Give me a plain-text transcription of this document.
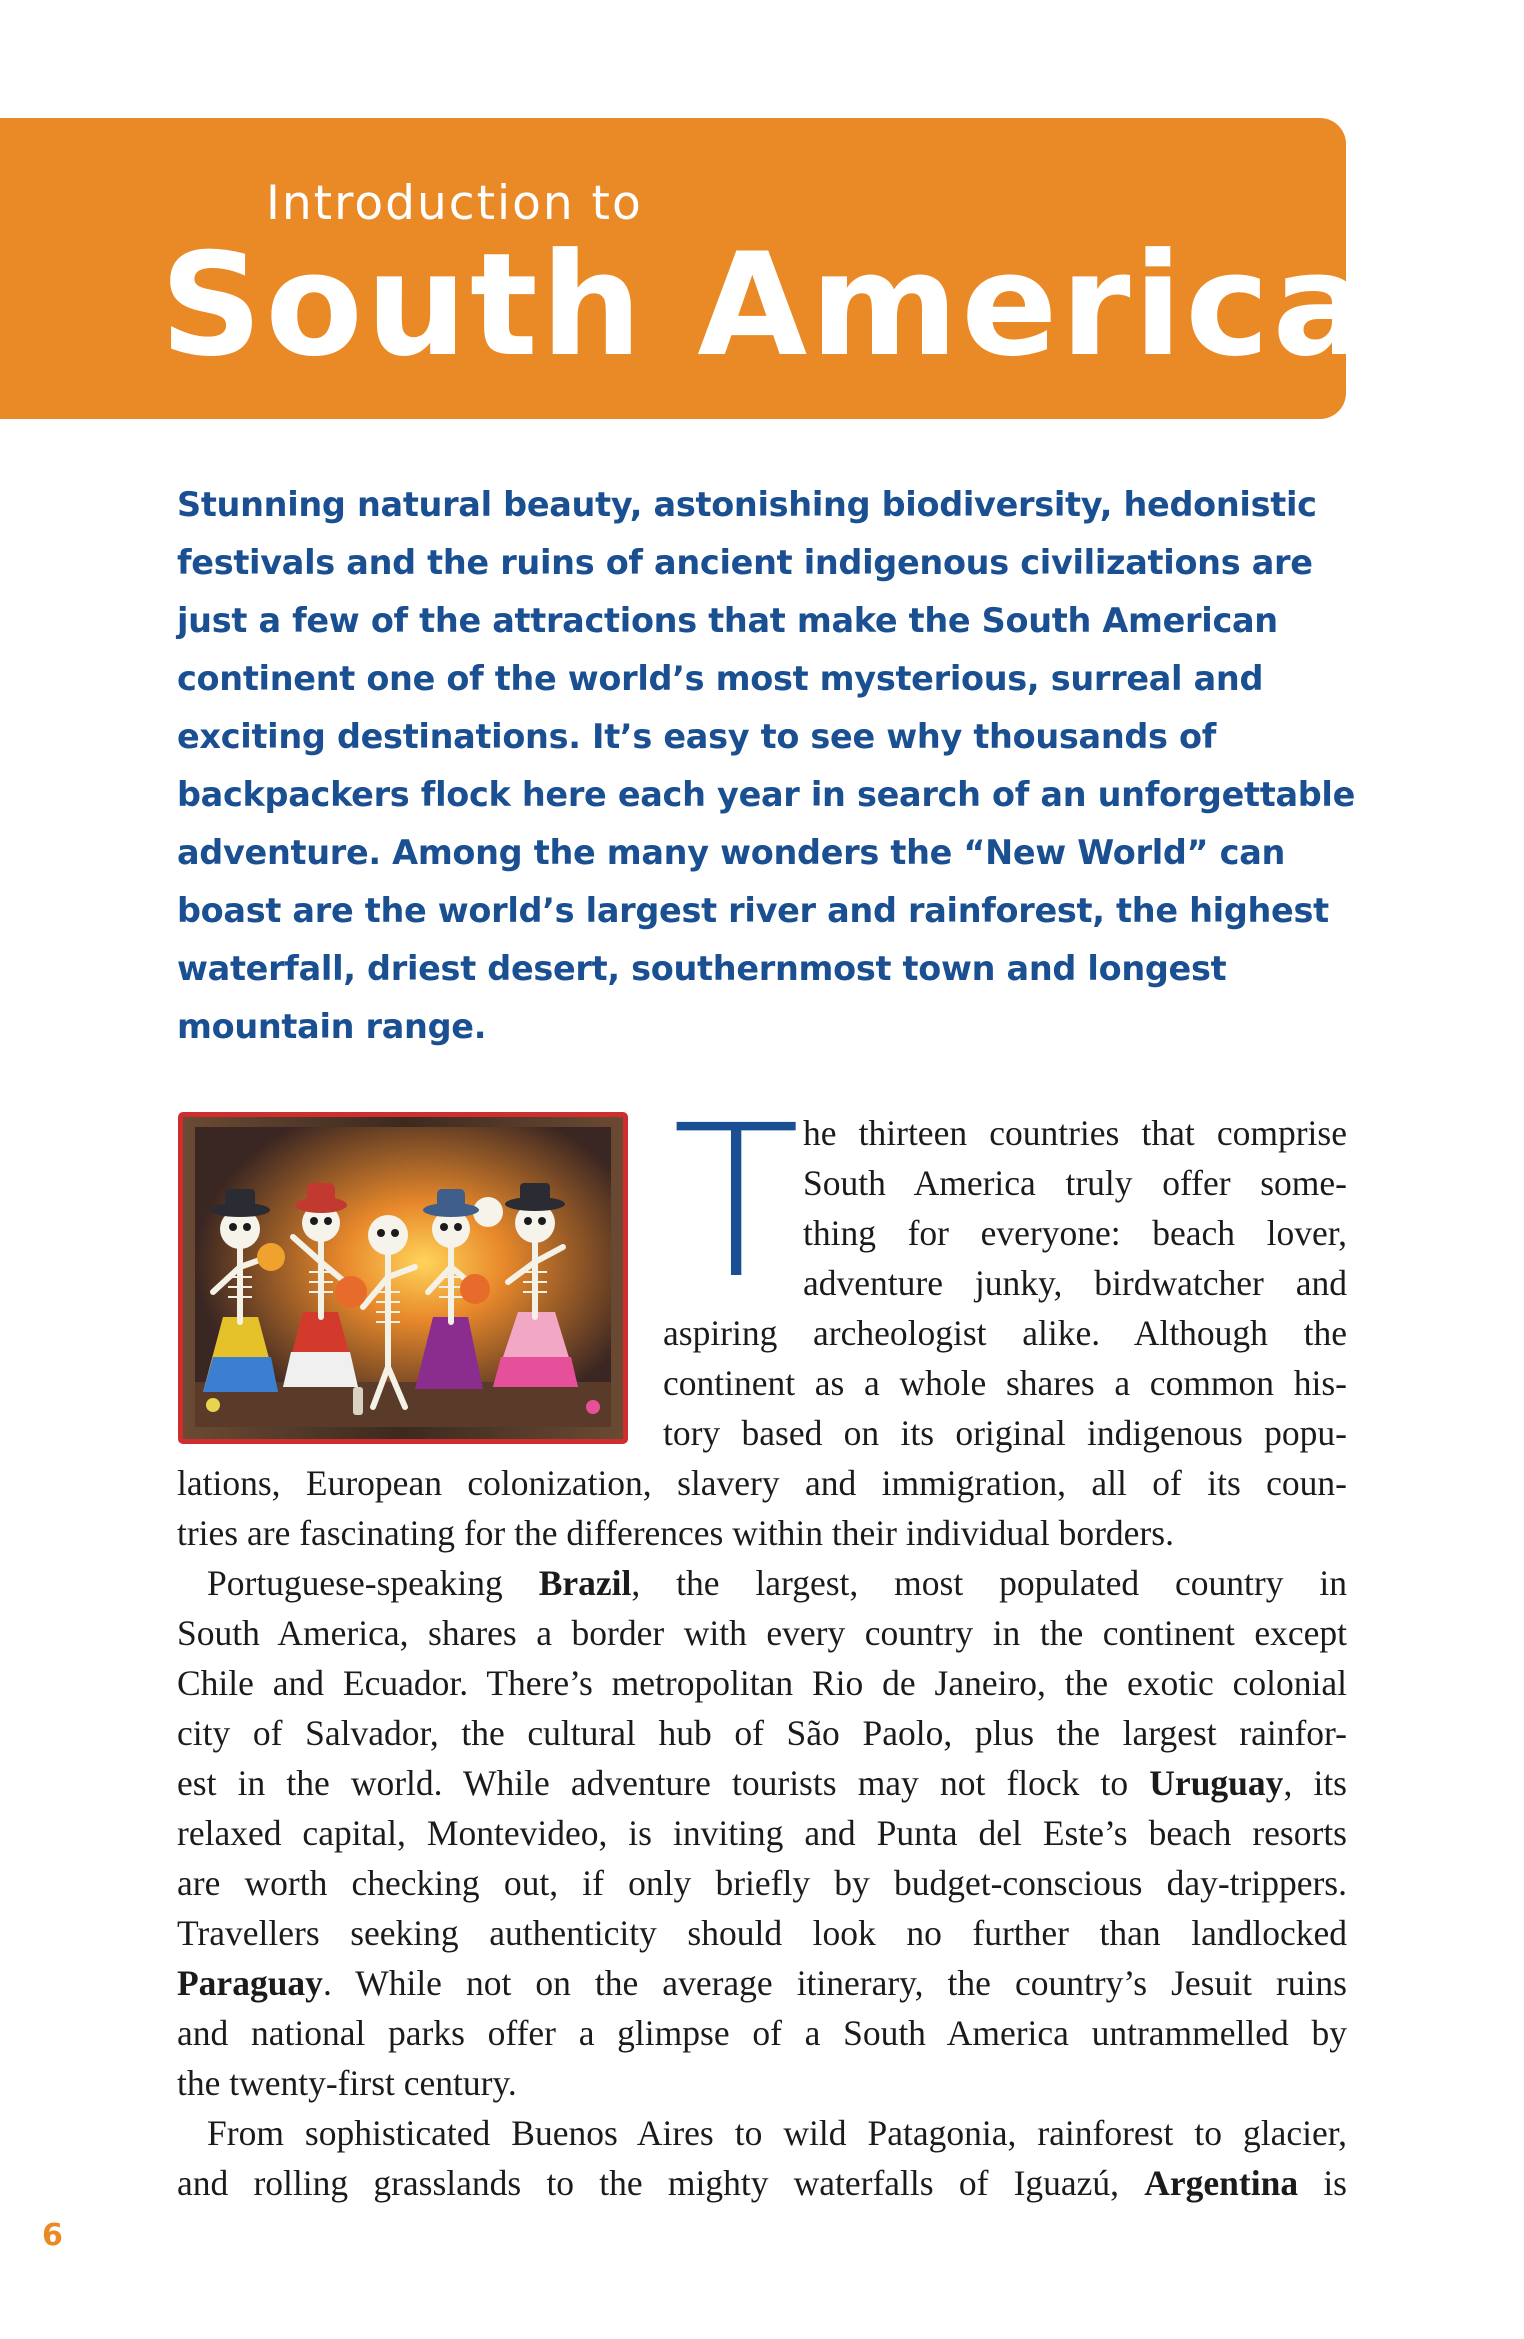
Introduction to
South America

Stunning natural beauty, astonishing biodiversity, hedonistic
festivals and the ruins of ancient indigenous civilizations are
just a few of the attractions that make the South American
continent one of the world’s most mysterious, surreal and
exciting destinations. It’s easy to see why thousands of
backpackers flock here each year in search of an unforgettable
adventure. Among the many wonders the “New World” can
boast are the world’s largest river and rainforest, the highest
waterfall, driest desert, southernmost town and longest
mountain range.

T he thirteen countries that comprise
South America truly offer some-
thing for everyone: beach lover,
adventure junky, birdwatcher and
aspiring archeologist alike. Although the
continent as a whole shares a common his-
tory based on its original indigenous popu-
lations, European colonization, slavery and immigration, all of its coun-
tries are fascinating for the differences within their individual borders.
Portuguese-speaking Brazil, the largest, most populated country in
South America, shares a border with every country in the continent except
Chile and Ecuador. There’s metropolitan Rio de Janeiro, the exotic colonial
city of Salvador, the cultural hub of São Paolo, plus the largest rainfor-
est in the world. While adventure tourists may not flock to Uruguay, its
relaxed capital, Montevideo, is inviting and Punta del Este’s beach resorts
are worth checking out, if only briefly by budget-conscious day-trippers.
Travellers seeking authenticity should look no further than landlocked
Paraguay. While not on the average itinerary, the country’s Jesuit ruins
and national parks offer a glimpse of a South America untrammelled by
the twenty-first century.
From sophisticated Buenos Aires to wild Patagonia, rainforest to glacier,
and rolling grasslands to the mighty waterfalls of Iguazú, Argentina is
6
